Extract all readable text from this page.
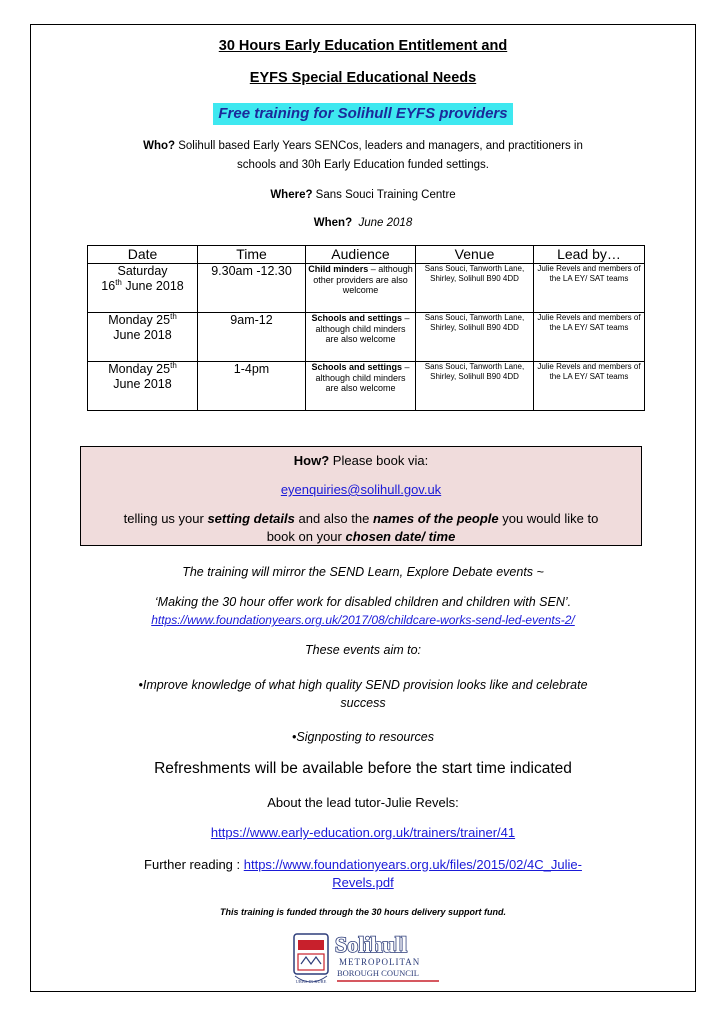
30 Hours Early Education Entitlement and
EYFS Special Educational Needs
Free training for Solihull EYFS providers
Who? Solihull based Early Years SENCos, leaders and managers, and practitioners in
schools and 30h Early Education funded settings.
Where? Sans Souci Training Centre
When? June 2018
Date	Time	Audience	Venue	Lead by…
Saturday
16th June 2018	9.30am -12.30	Child minders – although other providers are also welcome	Sans Souci, Tanworth Lane, Shirley, Solihull B90 4DD	Julie Revels and members of the LA EY/ SAT teams
Monday 25th
June 2018	9am-12	Schools and settings –although child minders are also welcome	Sans Souci, Tanworth Lane, Shirley, Solihull B90 4DD	Julie Revels and members of the LA EY/ SAT teams
Monday 25th
June 2018	1-4pm	Schools and settings –although child minders are also welcome	Sans Souci, Tanworth Lane, Shirley, Solihull B90 4DD	Julie Revels and members of the LA EY/ SAT teams
How? Please book via:
eyenquiries@solihull.gov.uk
telling us your setting details and also the names of the people you would like to
book on your chosen date/ time
The training will mirror the SEND Learn, Explore Debate events ~
‘Making the 30 hour offer work for disabled children and children with SEN’.
https://www.foundationyears.org.uk/2017/08/childcare-works-send-led-events-2/
These events aim to:
•Improve knowledge of what high quality SEND provision looks like and celebrate
success
•Signposting to resources
Refreshments will be available before the start time indicated
About the lead tutor-Julie Revels:
https://www.early-education.org.uk/trainers/trainer/41
Further reading : https://www.foundationyears.org.uk/files/2015/02/4C_Julie-
Revels.pdf
This training is funded through the 30 hours delivery support fund.
URBS IN RURE
Solihull
METROPOLITAN
BOROUGH COUNCIL
